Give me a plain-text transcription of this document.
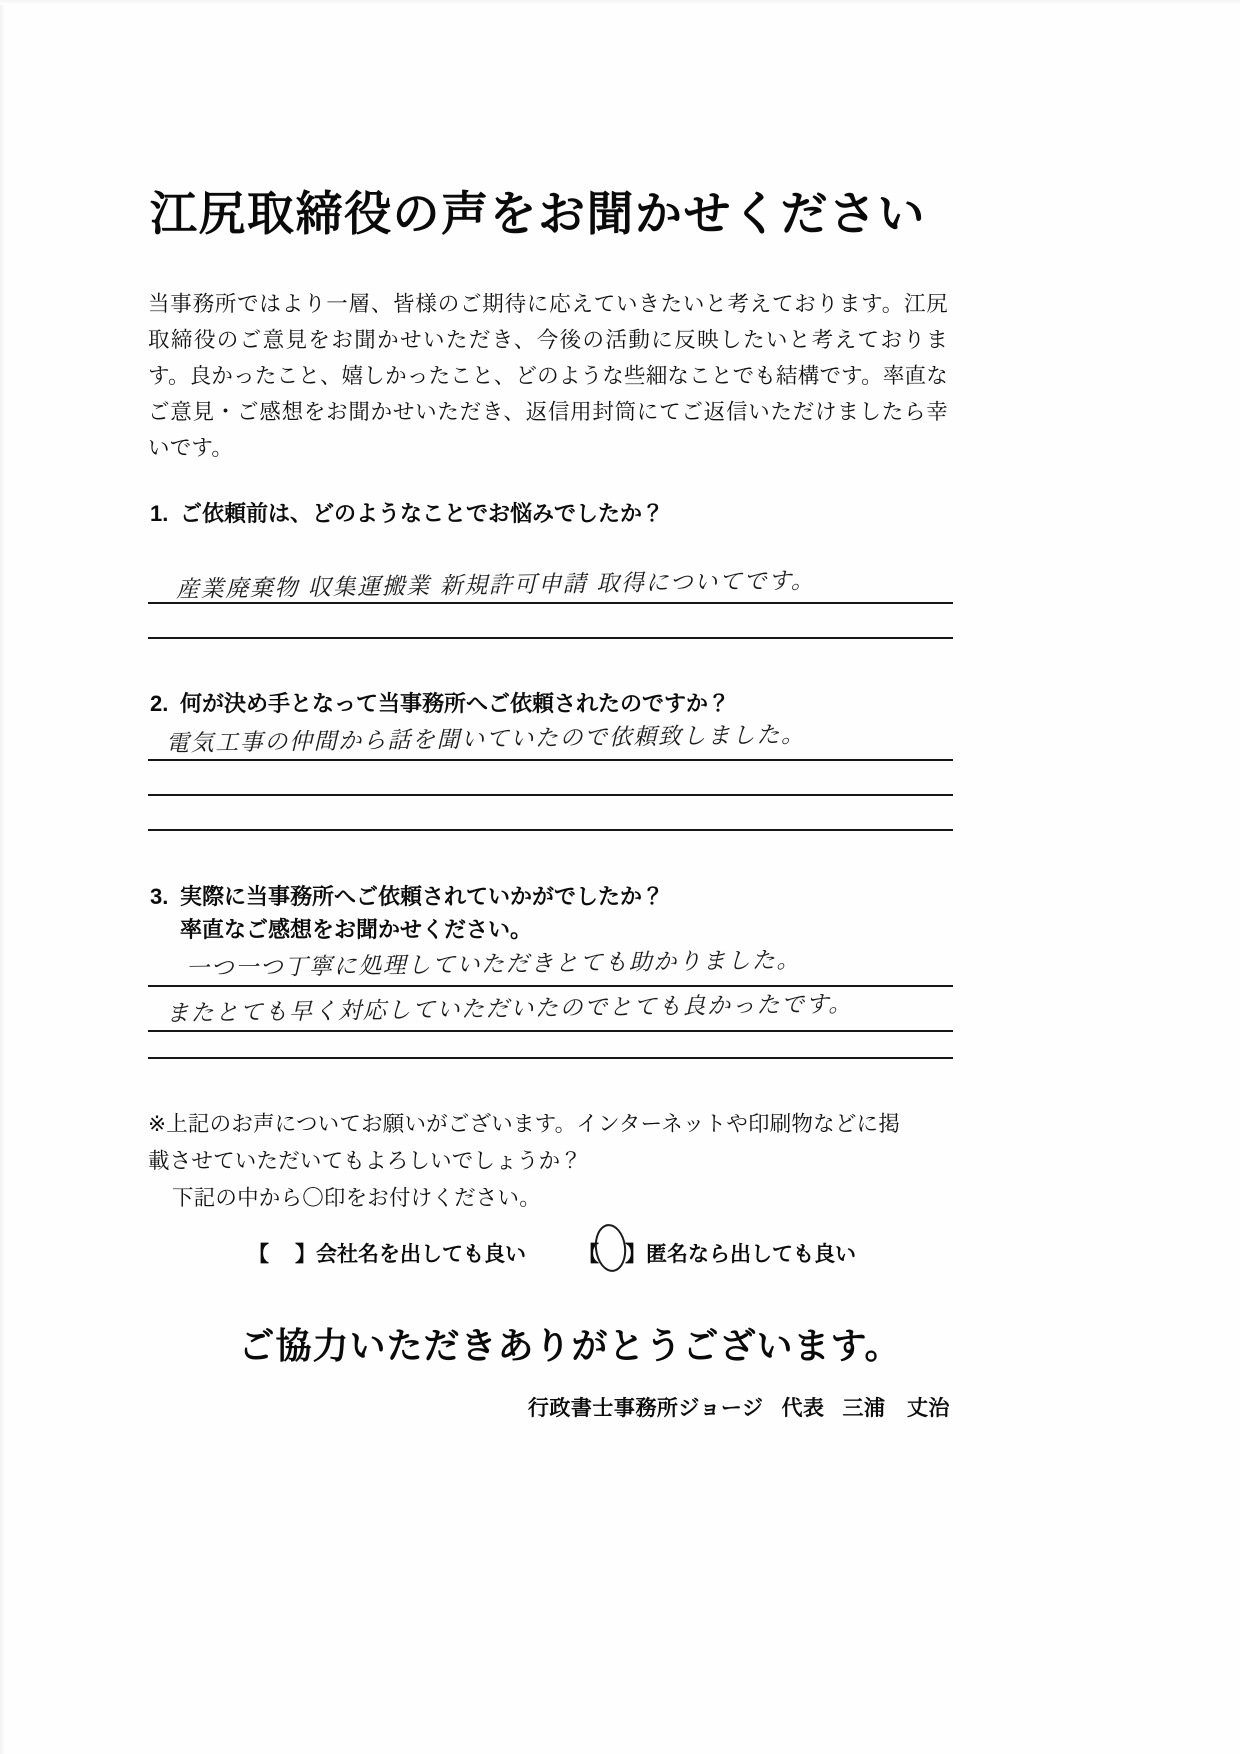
江尻取締役の声をお聞かせください
当事務所ではより一層、皆様のご期待に応えていきたいと考えております。江尻取締役のご意見をお聞かせいただき、今後の活動に反映したいと考えております。良かったこと、嬉しかったこと、どのような些細なことでも結構です。率直なご意見・ご感想をお聞かせいただき、返信用封筒にてご返信いただけましたら幸いです。
1. ご依頼前は、どのようなことでお悩みでしたか？
産業廃棄物 収集運搬業 新規許可申請 取得についてです。
2. 何が決め手となって当事務所へご依頼されたのですか？
電気工事の仲間から話を聞いていたので依頼致しました。
3. 実際に当事務所へご依頼されていかがでしたか？
率直なご感想をお聞かせください。
一つ一つ丁寧に処理していただきとても助かりました。
またとても早く対応していただいたのでとても良かったです。
※上記のお声についてお願いがございます。インターネットや印刷物などに掲
載させていただいてもよろしいでしょうか？
下記の中から〇印をお付けください。
【 】会社名を出しても良い 【 】匿名なら出しても良い
ご協力いただきありがとうございます。
行政書士事務所ジョージ 代表 三浦　丈治
